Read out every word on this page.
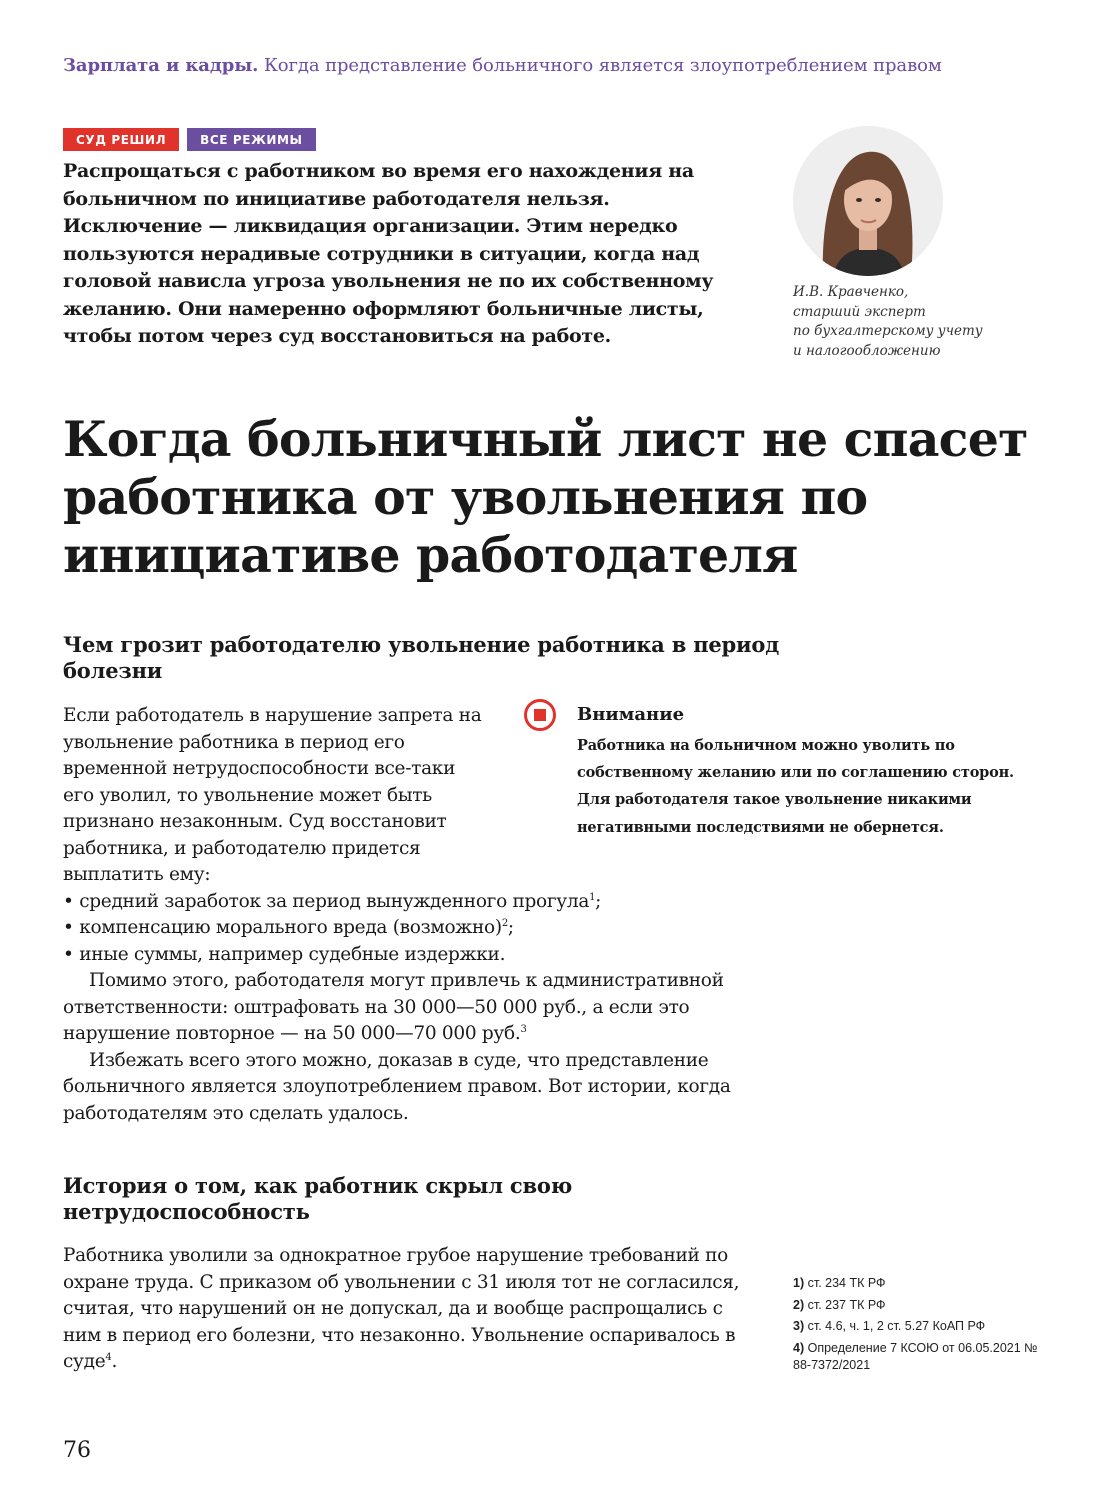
Зарплата и кадры. Когда представление больничного является злоупотреблением правом
СУД РЕШИЛ	ВСЕ РЕЖИМЫ
Распрощаться с работником во время его нахождения на больничном по инициативе работодателя нельзя. Исключение — ликвидация организации. Этим нередко пользуются нерадивые сотрудники в ситуации, когда над головой нависла угроза увольнения не по их собственному желанию. Они намеренно оформляют больничные листы, чтобы потом через суд восстановиться на работе.
И.В. Кравченко,
старший эксперт
по бухгалтерскому учету
и налогообложению
Когда больничный лист не спасет работника от увольнения по инициативе работодателя
Чем грозит работодателю увольнение работника в период болезни

Если работодатель в нарушение запрета на увольнение работника в период его временной нетрудоспособности все-таки его уволил, то увольнение может быть признано незаконным. Суд восстановит работника, и работодателю придется выплатить ему:

• средний заработок за период вынужденного прогула$^1$;
• компенсацию морального вреда (возможно)$^2$;
• иные суммы, например судебные издержки.

Помимо этого, работодателя могут привлечь к административной ответственности: оштрафовать на 30 000—50 000 руб., а если это нарушение повторное — на 50 000—70 000 руб.$^3$

Избежать всего этого можно, доказав в суде, что представление больничного является злоупотреблением правом. Вот истории, когда работодателям это сделать удалось.

Внимание
Работника на больничном можно уволить по собственному желанию или по соглашению сторон. Для работодателя такое увольнение никакими негативными последствиями не обернется.
История о том, как работник скрыл свою нетрудоспособность

Работника уволили за однократное грубое нарушение требований по охране труда. С приказом об увольнении с 31 июля тот не согласился, считая, что нарушений он не допускал, да и вообще распрощались с ним в период его болезни, что незаконно. Увольнение оспаривалось в суде$^4$.

1) ст. 234 ТК РФ
2) ст. 237 ТК РФ
3) ст. 4.6, ч. 1, 2 ст. 5.27 КоАП РФ
4) Определение 7 КСОЮ от 06.05.2021 № 88-7372/2021
76
